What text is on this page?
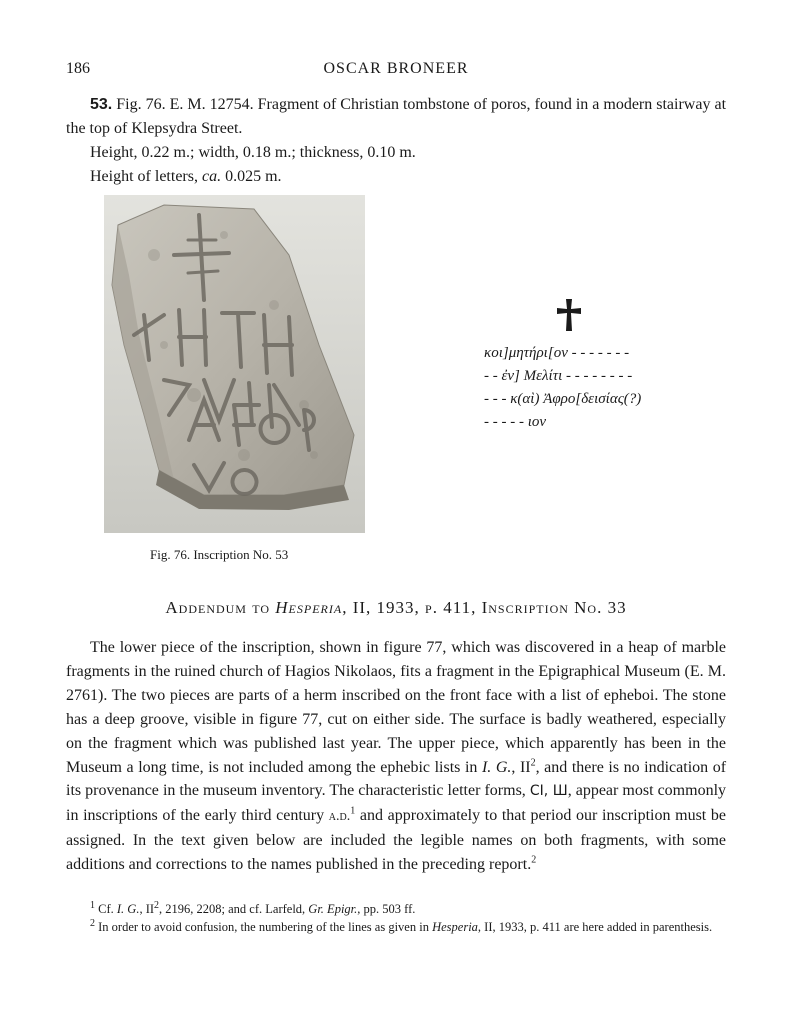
186	OSCAR BRONEER
53. Fig. 76. E. M. 12754. Fragment of Christian tombstone of poros, found in a modern stairway at the top of Klepsydra Street.
Height, 0.22 m.; width, 0.18 m.; thickness, 0.10 m.
Height of letters, ca. 0.025 m.
Fig. 76. Inscription No. 53
κοι]μητήρι[ον - - - - - - -
- - ἐν] Μελίτι - - - - - - - -
- - - κ(αὶ) Ἀφρο[δεισίας(?)
- - - - - ιον
Addendum to Hesperia, II, 1933, p. 411, Inscription No. 33
The lower piece of the inscription, shown in figure 77, which was discovered in a heap of marble fragments in the ruined church of Hagios Nikolaos, fits a fragment in the Epigraphical Museum (E. M. 2761). The two pieces are parts of a herm inscribed on the front face with a list of epheboi. The stone has a deep groove, visible in figure 77, cut on either side. The surface is badly weathered, especially on the fragment which was published last year. The upper piece, which apparently has been in the Museum a long time, is not included among the ephebic lists in I. G., $II^2$, and there is no indication of its provenance in the museum inventory. The characteristic letter forms, ϹΙ, Ш, appear most commonly in inscriptions of the early third century a.d.$^1$ and approximately to that period our inscription must be assigned. In the text given below are included the legible names on both fragments, with some additions and corrections to the names published in the preceding report.$^2$
$^1$ Cf. I. G., $II^2$, 2196, 2208; and cf. Larfeld, Gr. Epigr., pp. 503 ff.
$^2$ In order to avoid confusion, the numbering of the lines as given in Hesperia, II, 1933, p. 411 are here added in parenthesis.
